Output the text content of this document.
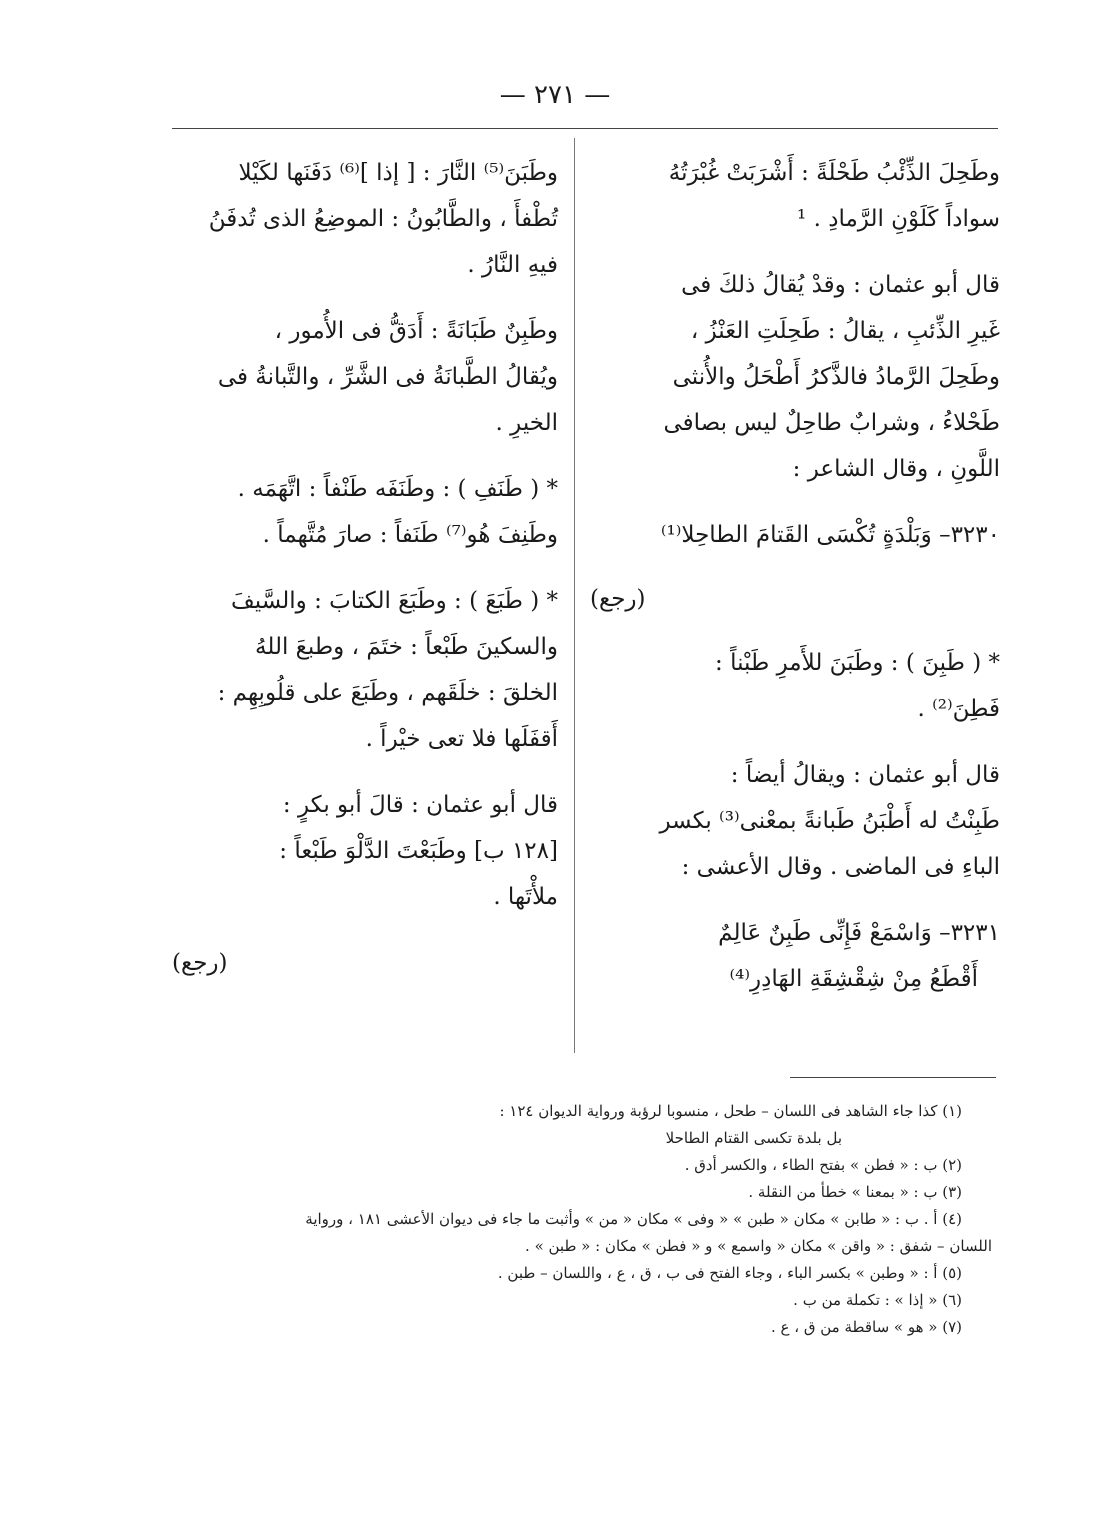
— ٢٧١ —

وطَحِلَ الذِّئْبُ طَحْلَةً : أَشْرَبَتْ غُبْرَتُهُ

سواداً كَلَوْنِ الرَّمادِ . ¹

قال أبو عثمان : وقدْ يُقالُ ذلكَ فى

غَيرِ الذِّئبِ ، يقالُ : طَحِلَتِ العَنْزُ ،

وطَحِلَ الرَّمادُ فالذَّكرُ أَطْحَلُ والأُنثى

طَحْلاءُ ، وشرابٌ طاحِلٌ ليس بصافى

اللَّونِ ، وقال الشاعر :

٣٢٣٠– وَبَلْدَةٍ تُكْسَى القَتامَ الطاحِلا⁽¹⁾

(رجع)

* ( طَبِنَ ) : وطَبَنَ للأَمرِ طَبْناً :

فَطِنَ⁽²⁾ .

قال أبو عثمان : ويقالُ أيضاً :

طَبِنْتُ له أَطْبَنُ طَبانةً بمعْنى⁽³⁾ بكسر

الباءِ فى الماضى . وقال الأعشى :

٣٢٣١– وَاسْمَعْ فَإِنِّى طَبِنٌ عَالِمٌ

أَقْطَعُ مِنْ شِقْشِقَةِ الهَادِرِ⁽⁴⁾

وطَبَنَ⁽⁵⁾ النَّارَ : [ إذا ]⁽⁶⁾ دَفَنَها لكَيْلا

تُطْفأَ ، والطَّابُونُ : الموضِعُ الذى تُدفَنُ

فيهِ النَّارُ .

وطَبِنٌ طَبَانَةً : أَدَقُّ فى الأُمور ،

ويُقالُ الطَّبانَةُ فى الشَّرِّ ، والتَّبانةُ فى

الخيرِ .

* ( طَنَفِ ) : وطَنَفَه طَنْفاً : اتَّهَمَه .

وطَنِفَ هُو⁽⁷⁾ طَنَفاً : صارَ مُتَّهماً .

* ( طَبَعَ ) : وطَبَعَ الكتابَ : والسَّيفَ

والسكينَ طَبْعاً : ختَمَ ، وطبعَ اللهُ

الخلقَ : خلَقَهم ، وطَبَعَ على قلُوبِهِم :

أَقفَلَها فلا تعى خيْراً .

قال أبو عثمان : قالَ أبو بكرٍ :

[١٢٨ ب] وطَبَعْتَ الدَّلْوَ طَبْعاً :

ملأْتَها .

(رجع)

(١) كذا جاء الشاهد فى اللسان – طحل ، منسوبا لرؤبة ورواية الديوان ١٢٤ :

بل بلدة تكسى القتام الطاحلا

(٢) ب : « فطن » بفتح الطاء ، والكسر أدق .

(٣) ب : « بمعنا » خطأ من النقلة .

(٤) أ . ب : « طابن » مكان « طبن » « وفى » مكان « من » وأثبت ما جاء فى ديوان الأعشى ١٨١ ، ورواية

اللسان – شفق : « واقن » مكان « واسمع » و « فطن » مكان : « طبن » .

(٥) أ : « وطبن » بكسر الباء ، وجاء الفتح فى ب ، ق ، ع ، واللسان – طبن .

(٦) « إذا » : تكملة من ب .

(٧) « هو » ساقطة من ق ، ع .
